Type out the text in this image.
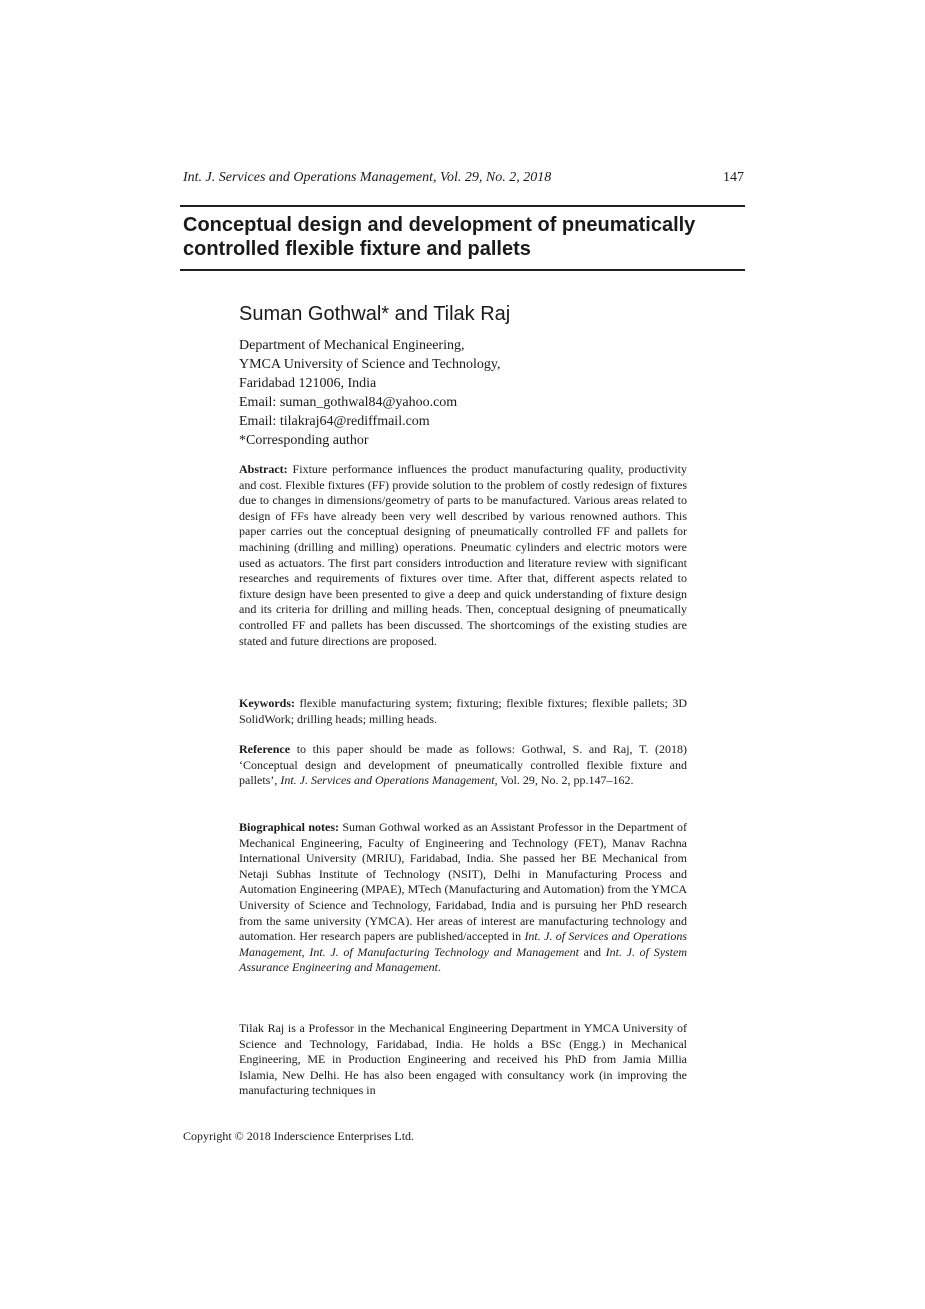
Int. J. Services and Operations Management, Vol. 29, No. 2, 2018	147
Conceptual design and development of pneumatically
controlled flexible fixture and pallets
Suman Gothwal* and Tilak Raj
Department of Mechanical Engineering,
YMCA University of Science and Technology,
Faridabad 121006, India
Email: suman_gothwal84@yahoo.com
Email: tilakraj64@rediffmail.com
*Corresponding author

Abstract: Fixture performance influences the product manufacturing quality, productivity and cost. Flexible fixtures (FF) provide solution to the problem of costly redesign of fixtures due to changes in dimensions/geometry of parts to be manufactured. Various areas related to design of FFs have already been very well described by various renowned authors. This paper carries out the conceptual designing of pneumatically controlled FF and pallets for machining (drilling and milling) operations. Pneumatic cylinders and electric motors were used as actuators. The first part considers introduction and literature review with significant researches and requirements of fixtures over time. After that, different aspects related to fixture design have been presented to give a deep and quick understanding of fixture design and its criteria for drilling and milling heads. Then, conceptual designing of pneumatically controlled FF and pallets has been discussed. The shortcomings of the existing studies are stated and future directions are proposed.

Keywords: flexible manufacturing system; fixturing; flexible fixtures; flexible pallets; 3D SolidWork; drilling heads; milling heads.

Reference to this paper should be made as follows: Gothwal, S. and Raj, T. (2018) ‘Conceptual design and development of pneumatically controlled flexible fixture and pallets’, Int. J. Services and Operations Management, Vol. 29, No. 2, pp.147–162.

Biographical notes: Suman Gothwal worked as an Assistant Professor in the Department of Mechanical Engineering, Faculty of Engineering and Technology (FET), Manav Rachna International University (MRIU), Faridabad, India. She passed her BE Mechanical from Netaji Subhas Institute of Technology (NSIT), Delhi in Manufacturing Process and Automation Engineering (MPAE), MTech (Manufacturing and Automation) from the YMCA University of Science and Technology, Faridabad, India and is pursuing her PhD research from the same university (YMCA). Her areas of interest are manufacturing technology and automation. Her research papers are published/accepted in Int. J. of Services and Operations Management, Int. J. of Manufacturing Technology and Management and Int. J. of System Assurance Engineering and Management.

Tilak Raj is a Professor in the Mechanical Engineering Department in YMCA University of Science and Technology, Faridabad, India. He holds a BSc (Engg.) in Mechanical Engineering, ME in Production Engineering and received his PhD from Jamia Millia Islamia, New Delhi. He has also been engaged with consultancy work (in improving the manufacturing techniques in

Copyright © 2018 Inderscience Enterprises Ltd.
